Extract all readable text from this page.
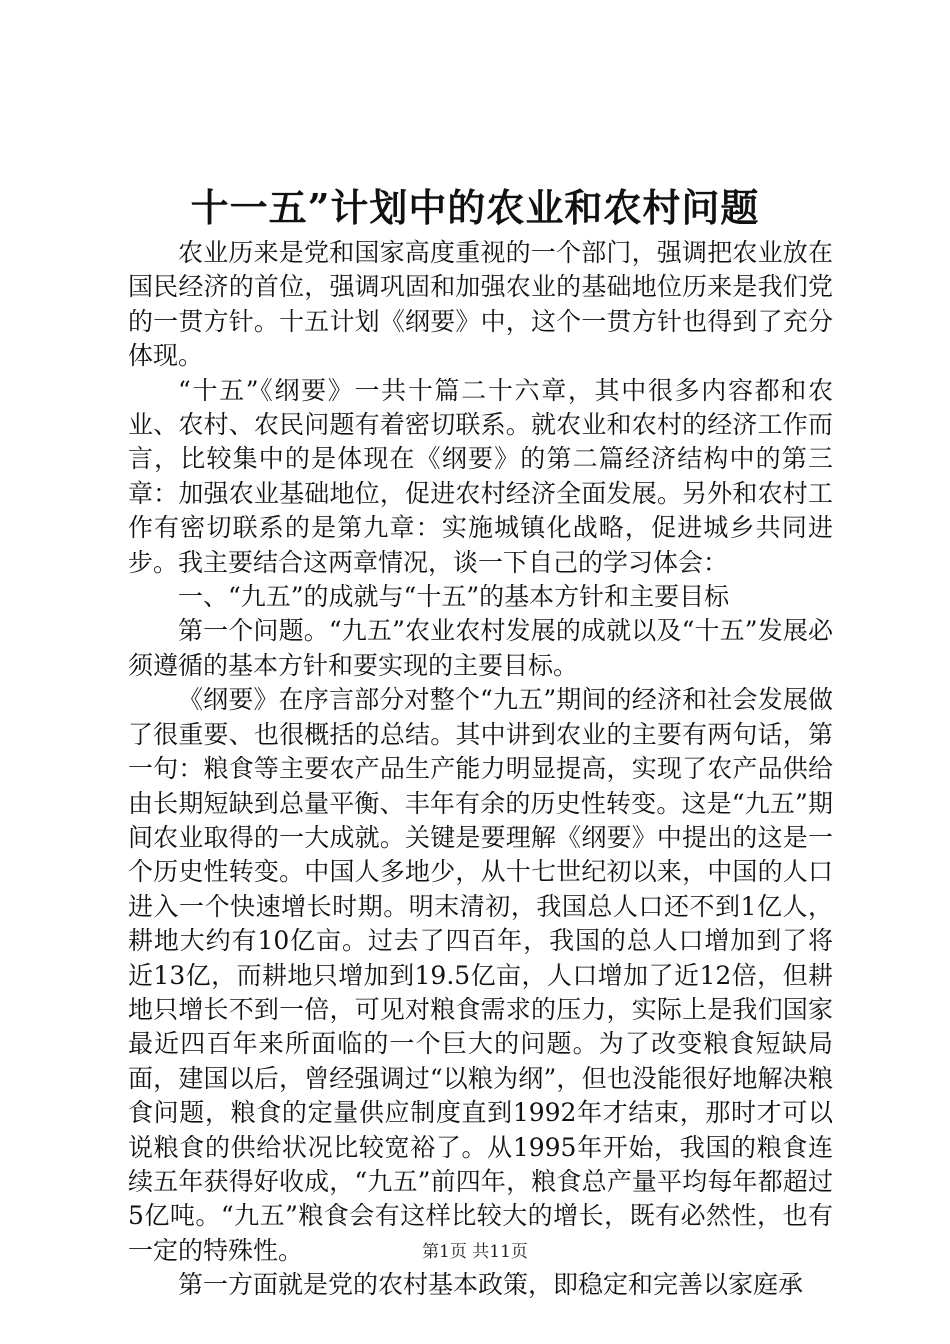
十一五”计划中的农业和农村问题

农业历来是党和国家高度重视的一个部门，强调把农业放在国民经济的首位，强调巩固和加强农业的基础地位历来是我们党的一贯方针。十五计划《纲要》中，这个一贯方针也得到了充分体现。

“十五”《纲要》一共十篇二十六章，其中很多内容都和农业、农村、农民问题有着密切联系。就农业和农村的经济工作而言，比较集中的是体现在《纲要》的第二篇经济结构中的第三章：加强农业基础地位，促进农村经济全面发展。另外和农村工作有密切联系的是第九章：实施城镇化战略，促进城乡共同进步。我主要结合这两章情况，谈一下自己的学习体会：

一、“九五”的成就与“十五”的基本方针和主要目标

第一个问题。“九五”农业农村发展的成就以及“十五”发展必须遵循的基本方针和要实现的主要目标。

《纲要》在序言部分对整个“九五”期间的经济和社会发展做了很重要、也很概括的总结。其中讲到农业的主要有两句话，第一句：粮食等主要农产品生产能力明显提高，实现了农产品供给由长期短缺到总量平衡、丰年有余的历史性转变。这是“九五”期间农业取得的一大成就。关键是要理解《纲要》中提出的这是一个历史性转变。中国人多地少，从十七世纪初以来，中国的人口进入一个快速增长时期。明末清初，我国总人口还不到1亿人，耕地大约有10亿亩。过去了四百年，我国的总人口增加到了将近13亿，而耕地只增加到19.5亿亩，人口增加了近12倍，但耕地只增长不到一倍，可见对粮食需求的压力，实际上是我们国家最近四百年来所面临的一个巨大的问题。为了改变粮食短缺局面，建国以后，曾经强调过“以粮为纲”，但也没能很好地解决粮食问题，粮食的定量供应制度直到1992年才结束，那时才可以说粮食的供给状况比较宽裕了。从1995年开始，我国的粮食连续五年获得好收成，“九五”前四年，粮食总产量平均每年都超过5亿吨。“九五”粮食会有这样比较大的增长，既有必然性，也有一定的特殊性。

第一方面就是党的农村基本政策，即稳定和完善以家庭承

第1页 共11页
